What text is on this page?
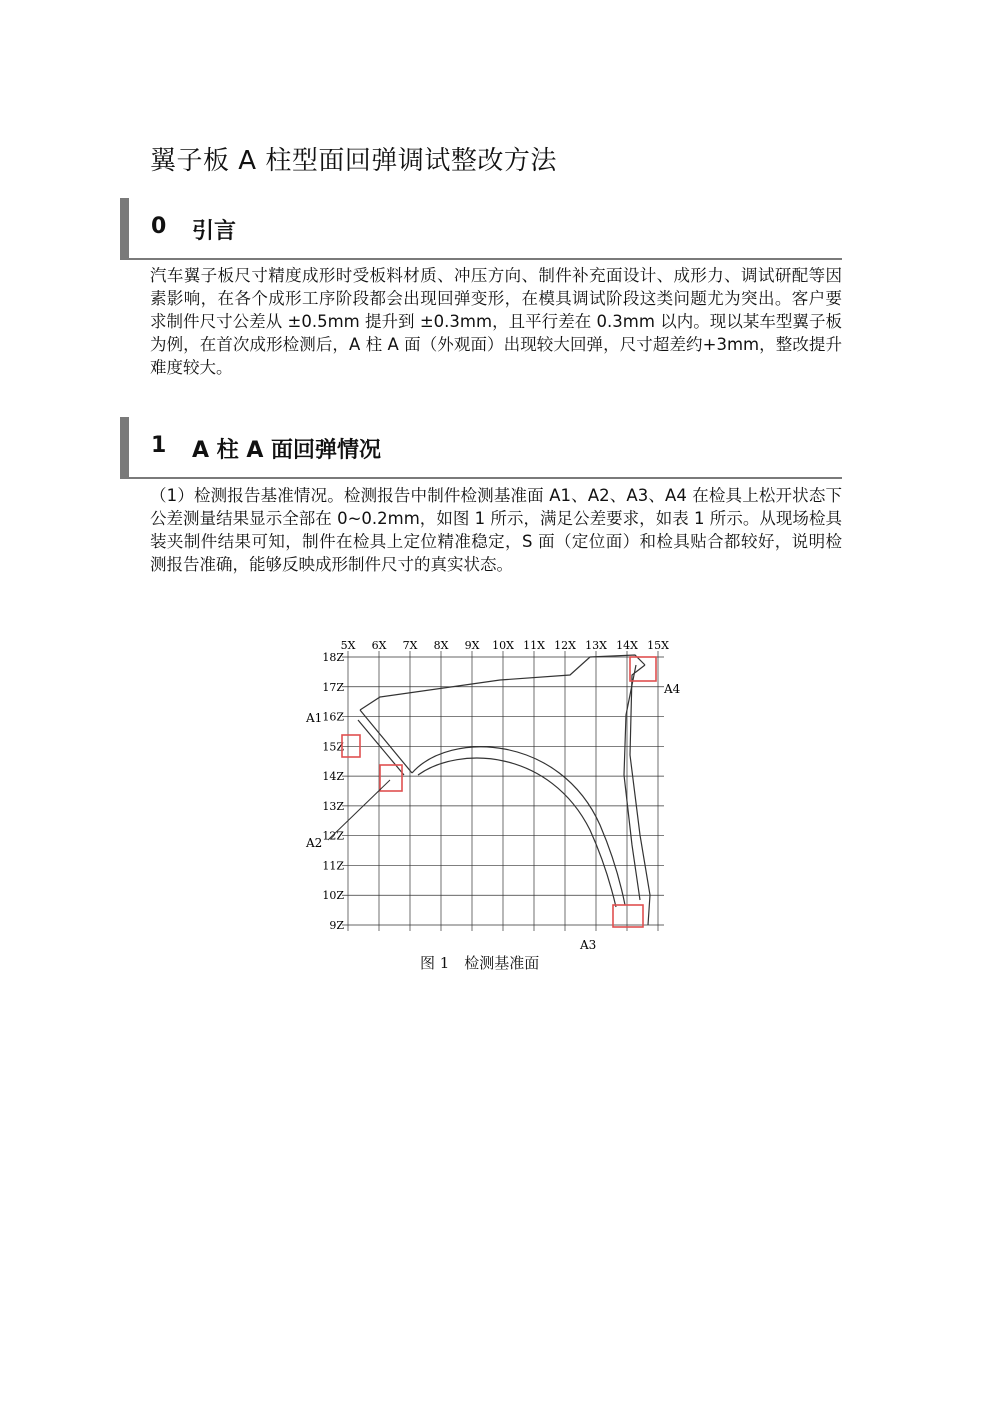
翼子板 A 柱型面回弹调试整改方法
0 引言
汽车翼子板尺寸精度成形时受板料材质、冲压方向、制件补充面设计、成形力、调试研配等因素影响，在各个成形工序阶段都会出现回弹变形，在模具调试阶段这类问题尤为突出。客户要求制件尺寸公差从 ±0.5mm 提升到 ±0.3mm，且平行差在 0.3mm 以内。现以某车型翼子板为例，在首次成形检测后，A 柱 A 面（外观面）出现较大回弹，尺寸超差约+3mm，整改提升难度较大。
1 A 柱 A 面回弹情况
（1）检测报告基准情况。检测报告中制件检测基准面 A1、A2、A3、A4 在检具上松开状态下公差测量结果显示全部在 0~0.2mm，如图 1 所示，满足公差要求，如表 1 所示。从现场检具装夹制件结果可知，制件在检具上定位精准稳定，S 面（定位面）和检具贴合都较好，说明检测报告准确，能够反映成形制件尺寸的真实状态。
5X 6X 7X 8X 9X 10X 11X 12X 13X 14X 15X
18Z
17Z
16Z
15Z
14Z
13Z
12Z
11Z
10Z
9Z
A1
A2
A3
A4
图 1　检测基准面
